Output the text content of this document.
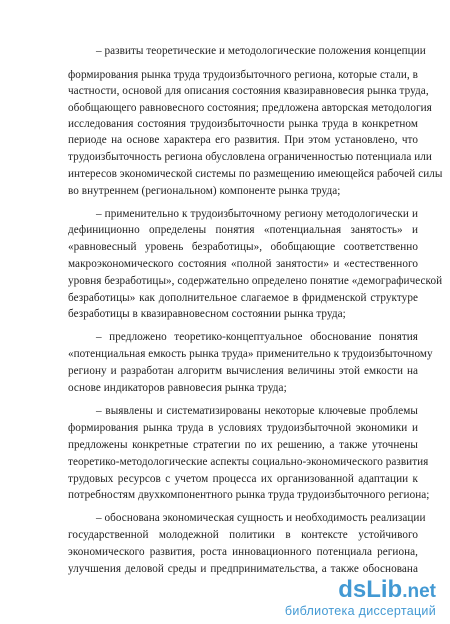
– развиты теоретические и методологические положения концепции
формирования рынка труда трудоизбыточного региона, которые стали, в
частности, основой для описания состояния квазиравновесия рынка труда,
обобщающего равновесного состояния; предложена авторская методология
исследования состояния трудоизбыточности рынка труда в конкретном
периоде на основе характера его развития. При этом установлено, что
трудоизбыточность региона обусловлена ограниченностью потенциала или
интересов экономической системы по размещению имеющейся рабочей силы
во внутреннем (региональном) компоненте рынка труда;
– применительно к трудоизбыточному региону методологически и
дефиниционно определены понятия «потенциальная занятость» и
«равновесный уровень безработицы», обобщающие соответственно
макроэкономического состояния «полной занятости» и «естественного
уровня безработицы», содержательно определено понятие «демографической
безработицы» как дополнительное слагаемое в фридменской структуре
безработицы в квазиравновесном состоянии рынка труда;
– предложено теоретико-концептуальное обоснование понятия
«потенциальная емкость рынка труда» применительно к трудоизбыточному
региону и разработан алгоритм вычисления величины этой емкости на
основе индикаторов равновесия рынка труда;
– выявлены и систематизированы некоторые ключевые проблемы
формирования рынка труда в условиях трудоизбыточной экономики и
предложены конкретные стратегии по их решению, а также уточнены
теоретико-методологические аспекты социально-экономического развития
трудовых ресурсов с учетом процесса их организованной адаптации к
потребностям двухкомпонентного рынка труда трудоизбыточного региона;
– обоснована экономическая сущность и необходимость реализации
государственной молодежной политики в контексте устойчивого
экономического развития, роста инновационного потенциала региона,
улучшения деловой среды и предпринимательства, а также обоснована
dsLib.net
библиотека диссертаций
